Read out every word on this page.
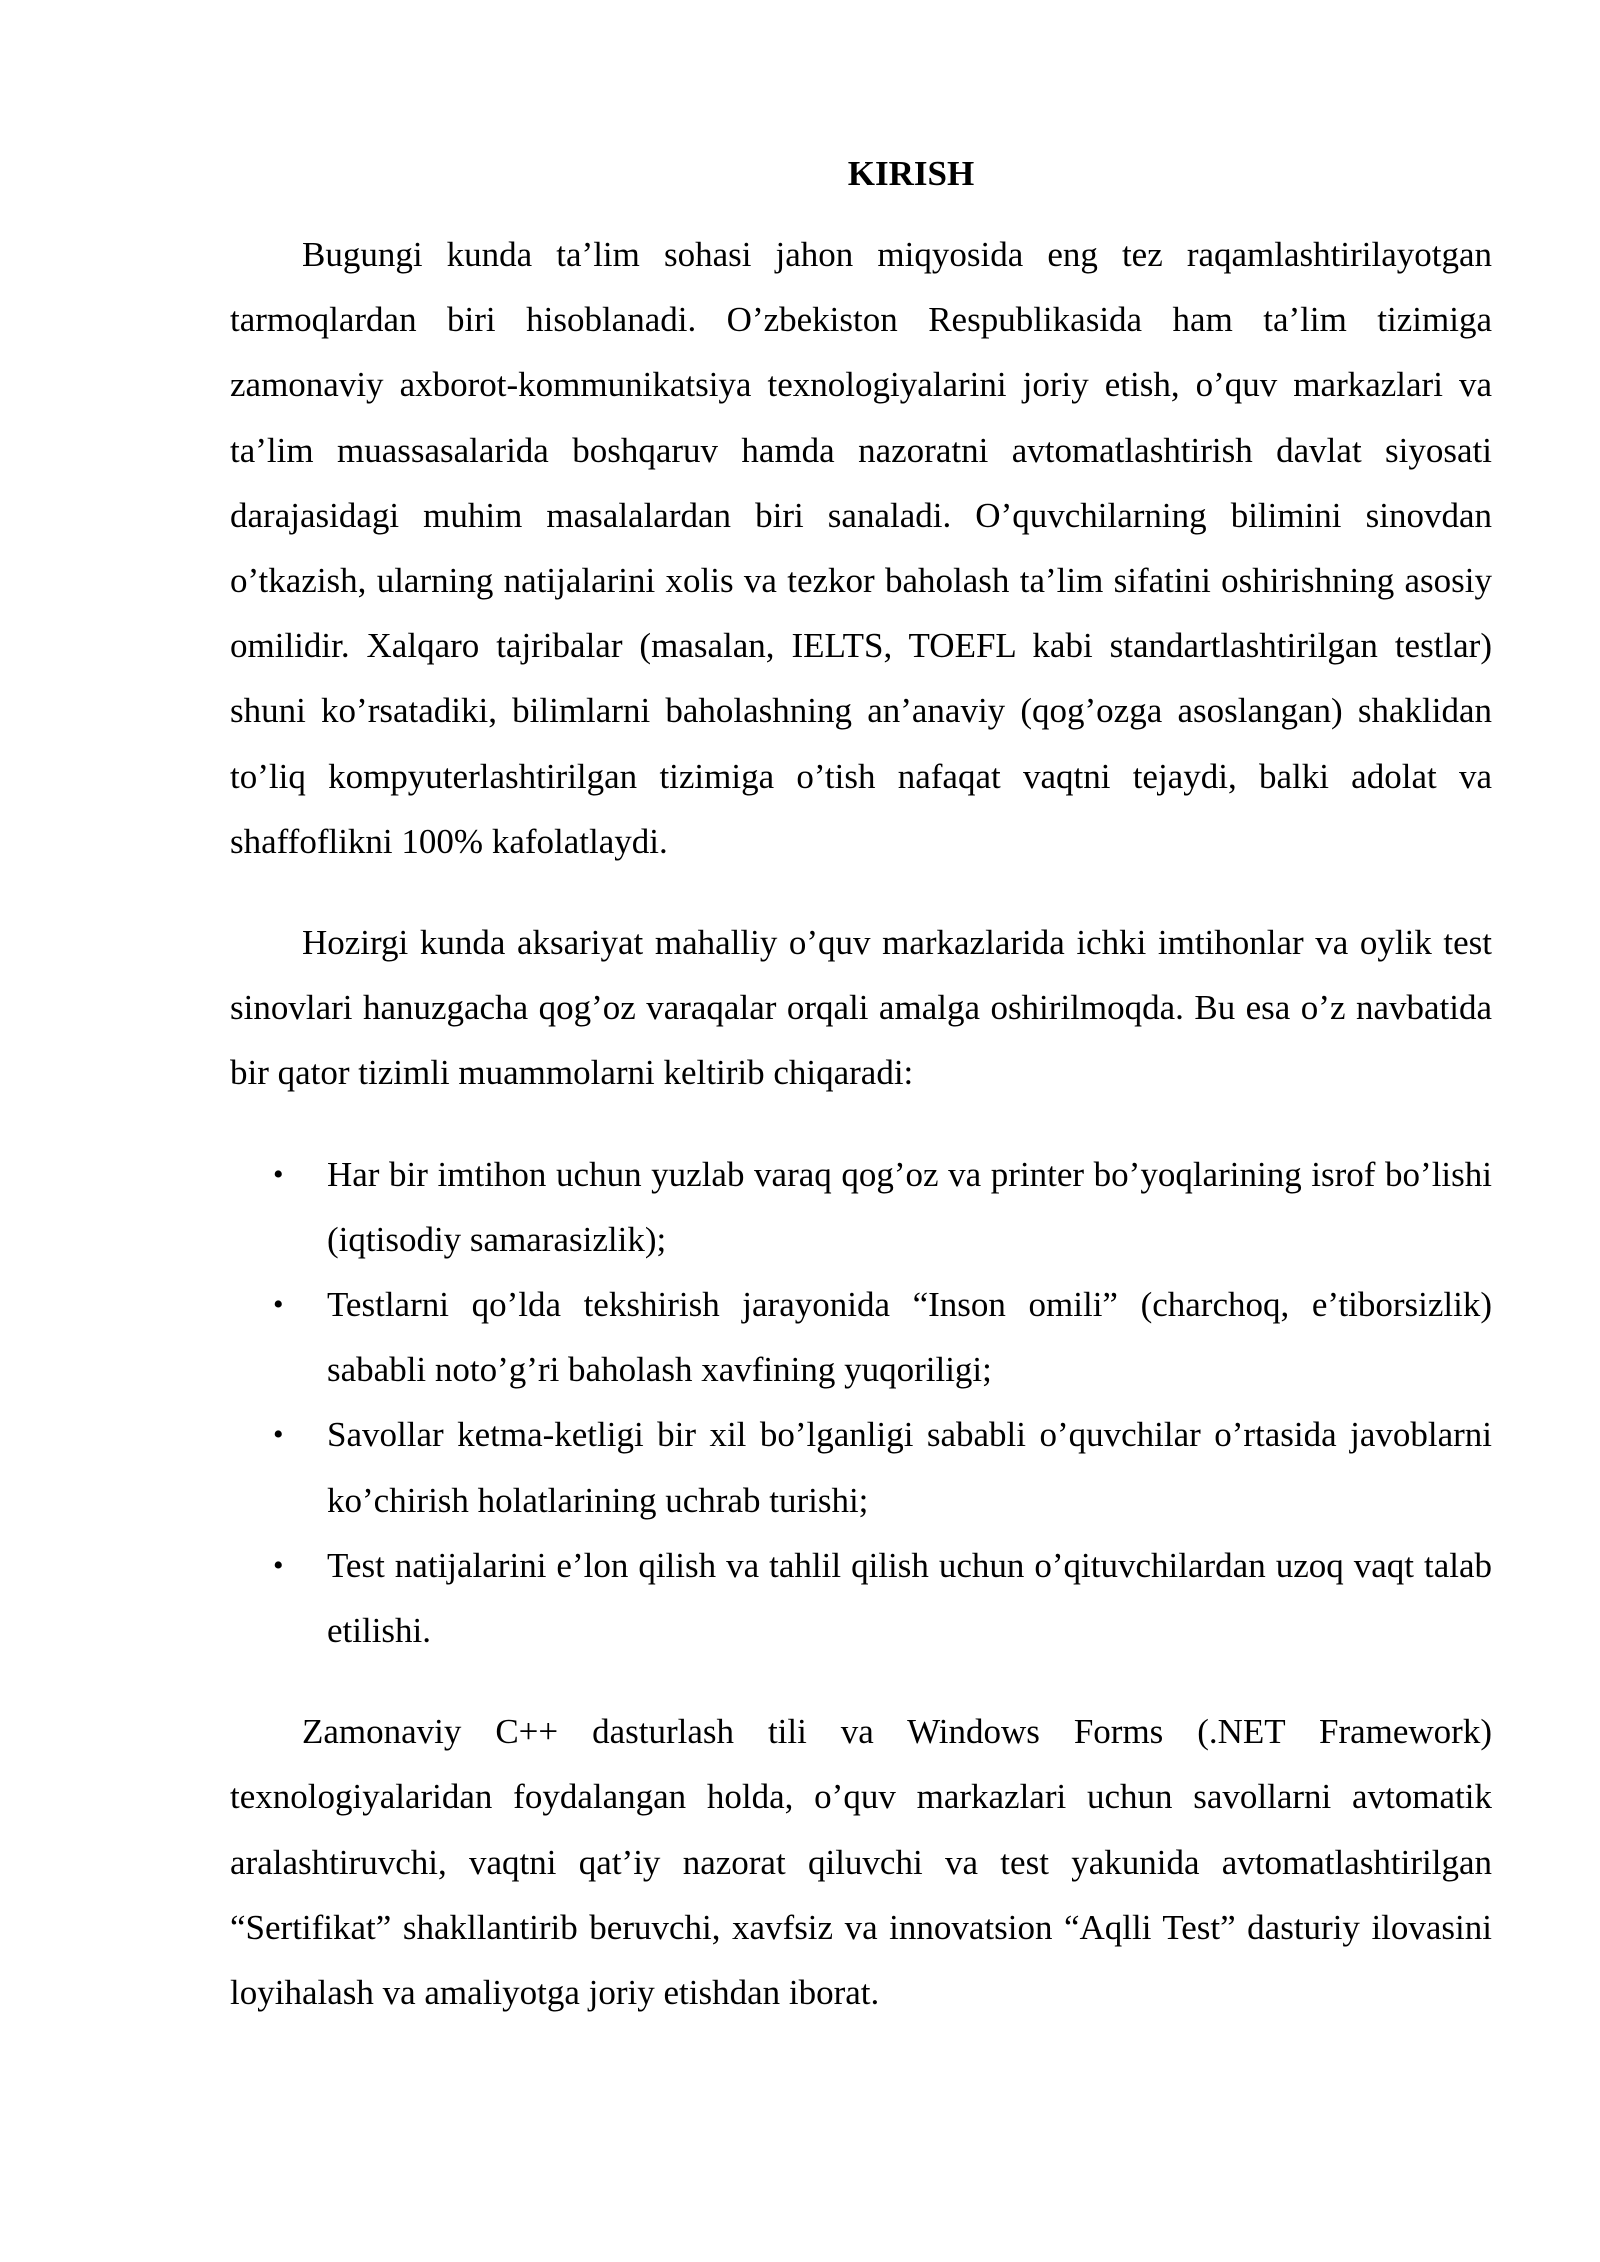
KIRISH

Bugungi kunda ta’lim sohasi jahon miqyosida eng tez raqamlashtirilayotgan tarmoqlardan biri hisoblanadi. O’zbekiston Respublikasida ham ta’lim tizimiga zamonaviy axborot-kommunikatsiya texnologiyalarini joriy etish, o’quv markazlari va ta’lim muassasalarida boshqaruv hamda nazoratni avtomatlashtirish davlat siyosati darajasidagi muhim masalalardan biri sanaladi. O’quvchilarning bilimini sinovdan o’tkazish, ularning natijalarini xolis va tezkor baholash ta’lim sifatini oshirishning asosiy omilidir. Xalqaro tajribalar (masalan, IELTS, TOEFL kabi standartlashtirilgan testlar) shuni ko’rsatadiki, bilimlarni baholashning an’anaviy (qog’ozga asoslangan) shaklidan to’liq kompyuterlashtirilgan tizimiga o’tish nafaqat vaqtni tejaydi, balki adolat va shaffoflikni 100% kafolatlaydi.

Hozirgi kunda aksariyat mahalliy o’quv markazlarida ichki imtihonlar va oylik test sinovlari hanuzgacha qog’oz varaqalar orqali amalga oshirilmoqda. Bu esa o’z navbatida bir qator tizimli muammolarni keltirib chiqaradi:

• Har bir imtihon uchun yuzlab varaq qog’oz va printer bo’yoqlarining isrof bo’lishi (iqtisodiy samarasizlik);
• Testlarni qo’lda tekshirish jarayonida “Inson omili” (charchoq, e’tiborsizlik) sababli noto’g’ri baholash xavfining yuqoriligi;
• Savollar ketma-ketligi bir xil bo’lganligi sababli o’quvchilar o’rtasida javoblarni ko’chirish holatlarining uchrab turishi;
• Test natijalarini e’lon qilish va tahlil qilish uchun o’qituvchilardan uzoq vaqt talab etilishi.

Zamonaviy C++ dasturlash tili va Windows Forms (.NET Framework) texnologiyalaridan foydalangan holda, o’quv markazlari uchun savollarni avtomatik aralashtiruvchi, vaqtni qat’iy nazorat qiluvchi va test yakunida avtomatlashtirilgan “Sertifikat” shakllantirib beruvchi, xavfsiz va innovatsion “Aqlli Test” dasturiy ilovasini loyihalash va amaliyotga joriy etishdan iborat.
